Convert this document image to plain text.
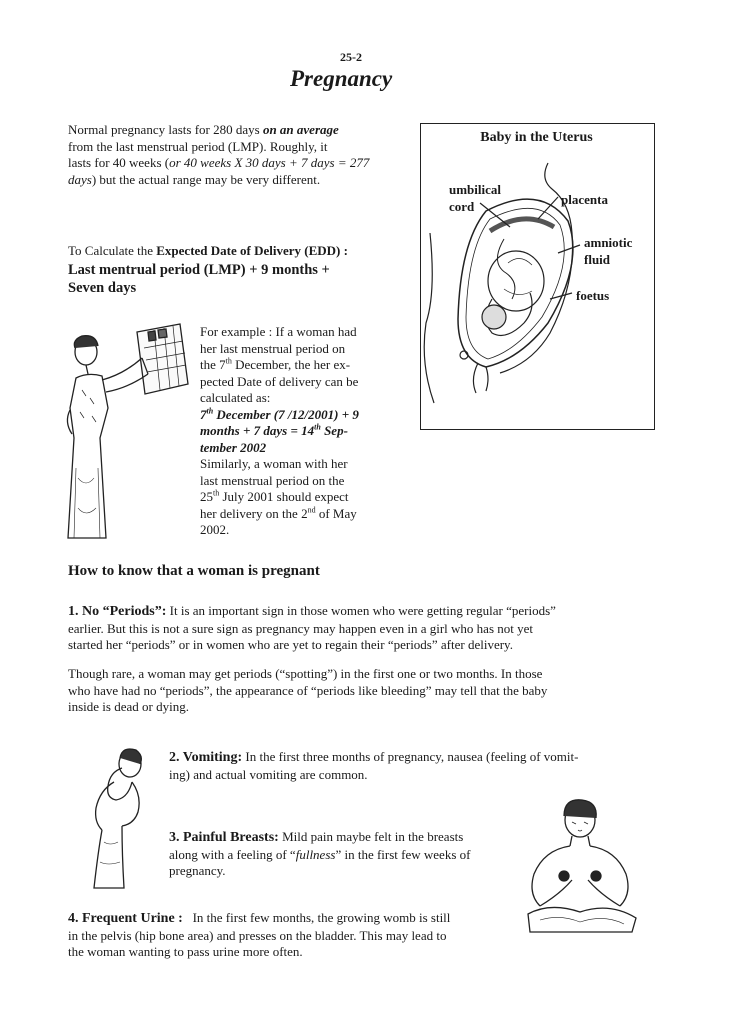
25-2
Pregnancy
Normal pregnancy lasts for 280 days on an average
from the last menstrual period (LMP). Roughly, it
lasts for 40 weeks (or 40 weeks X 30 days + 7 days = 277
days) but the actual range may be very different.
To Calculate the Expected Date of Delivery (EDD) :
Last mentrual period (LMP) + 9 months +
Seven days
For example : If a woman had
her last menstrual period on
the 7th December, the her ex-
pected Date of delivery can be
calculated as:
7th December (7 /12/2001) + 9
months + 7 days = 14th Sep-
tember 2002
Similarly, a woman with her
last menstrual period on the
25th July 2001 should expect
her delivery on the 2nd of May
2002.
Baby in the Uterus
umbilical
cord	placenta
amniotic
fluid
foetus
How to know that a woman is pregnant
1. No “Periods”: It is an important sign in those women who were getting regular “periods”
earlier. But this is not a sure sign as pregnancy may happen even in a girl who has not yet
started her “periods” or in women who are yet to regain their “periods” after delivery.
Though rare, a woman may get periods (“spotting”) in the first one or two months. In those
who have had no “periods”, the appearance of “periods like bleeding” may tell that the baby
inside is dead or dying.
2. Vomiting: In the first three months of pregnancy, nausea (feeling of vomit-
ing) and actual vomiting are common.
3. Painful Breasts: Mild pain maybe felt in the breasts
along with a feeling of “fullness” in the first few weeks of
pregnancy.
4. Frequent Urine :   In the first few months, the growing womb is still
in the pelvis (hip bone area) and presses on the bladder. This may lead to
the woman wanting to pass urine more often.
